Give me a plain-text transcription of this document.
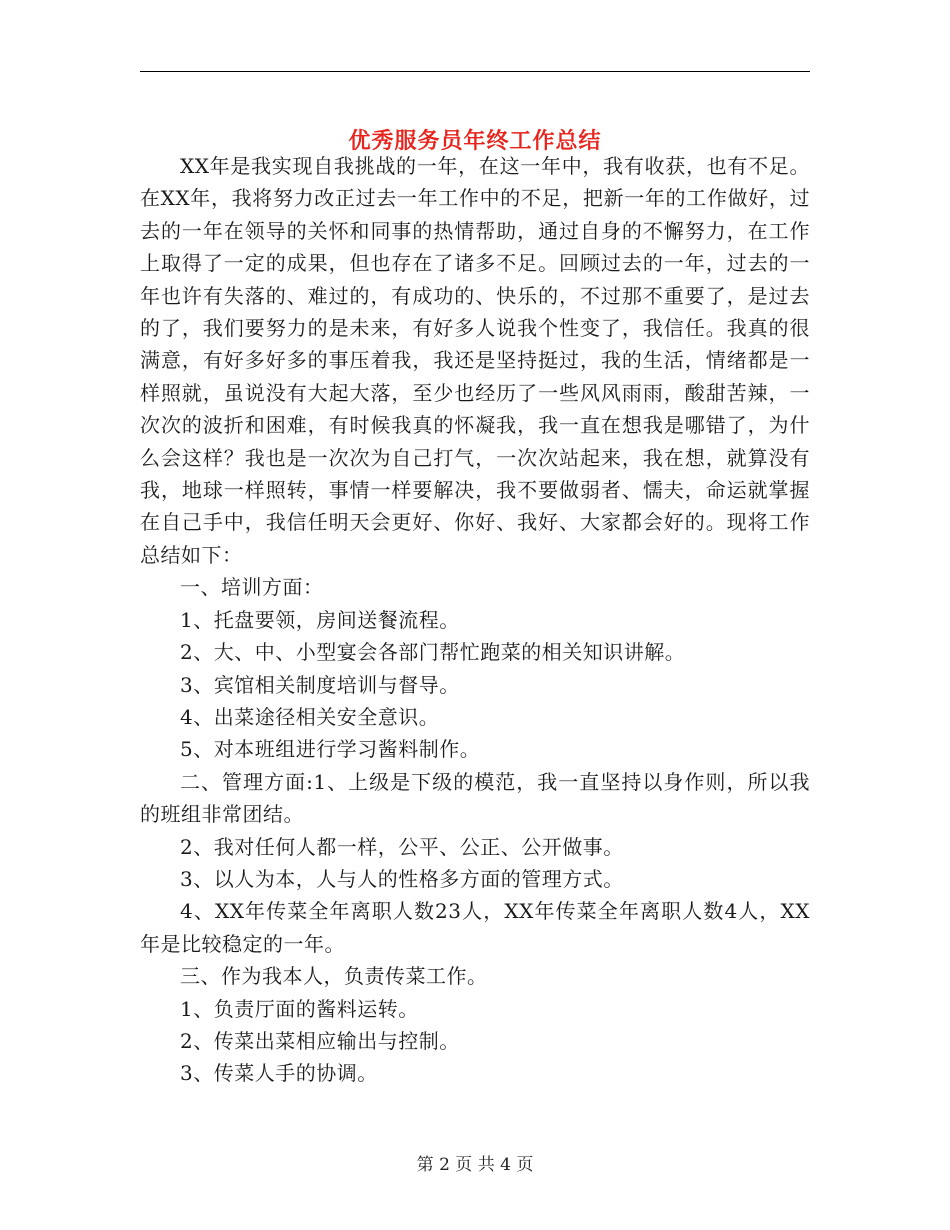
优秀服务员年终工作总结

XX年是我实现自我挑战的一年，在这一年中，我有收获，也有不足。在XX年，我将努力改正过去一年工作中的不足，把新一年的工作做好，过去的一年在领导的关怀和同事的热情帮助，通过自身的不懈努力，在工作上取得了一定的成果，但也存在了诸多不足。回顾过去的一年，过去的一年也许有失落的、难过的，有成功的、快乐的，不过那不重要了，是过去的了，我们要努力的是未来，有好多人说我个性变了，我信任。我真的很满意，有好多好多的事压着我，我还是坚持挺过，我的生活，情绪都是一样照就，虽说没有大起大落，至少也经历了一些风风雨雨，酸甜苦辣，一次次的波折和困难，有时候我真的怀凝我，我一直在想我是哪错了，为什么会这样？我也是一次次为自己打气，一次次站起来，我在想，就算没有我，地球一样照转，事情一样要解决，我不要做弱者、懦夫，命运就掌握在自己手中，我信任明天会更好、你好、我好、大家都会好的。现将工作总结如下：

一、培训方面：

1、托盘要领，房间送餐流程。

2、大、中、小型宴会各部门帮忙跑菜的相关知识讲解。

3、宾馆相关制度培训与督导。

4、出菜途径相关安全意识。

5、对本班组进行学习酱料制作。

二、管理方面:1、上级是下级的模范，我一直坚持以身作则，所以我的班组非常团结。

2、我对任何人都一样，公平、公正、公开做事。

3、以人为本，人与人的性格多方面的管理方式。

4、XX年传菜全年离职人数23人，XX年传菜全年离职人数4人，XX年是比较稳定的一年。

三、作为我本人，负责传菜工作。

1、负责厅面的酱料运转。

2、传菜出菜相应输出与控制。

3、传菜人手的协调。

第 2 页 共 4 页
